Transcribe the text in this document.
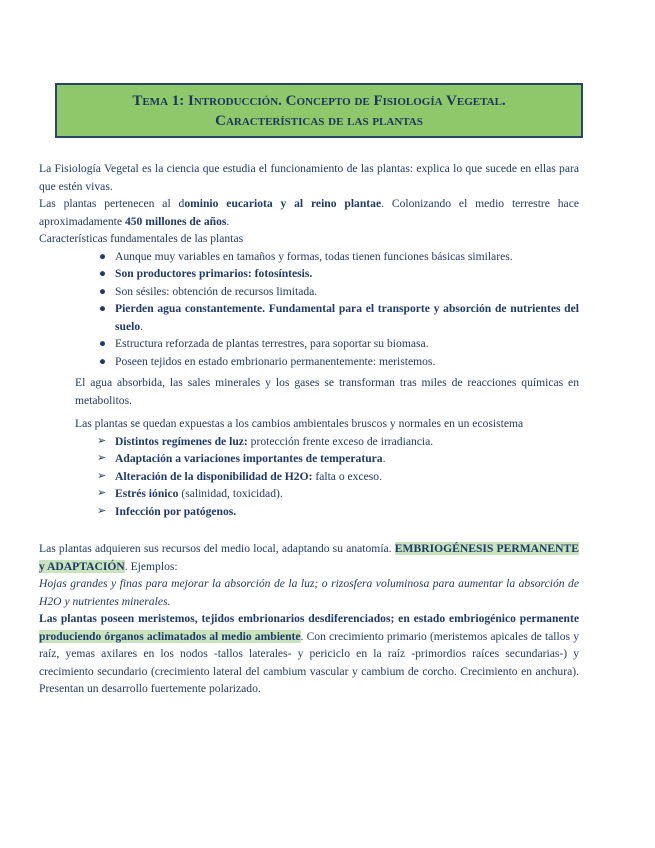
Tema 1: Introducción. Concepto de Fisiología Vegetal.
Características de las plantas

La Fisiología Vegetal es la ciencia que estudia el funcionamiento de las plantas: explica lo que sucede en ellas para que estén vivas.

Las plantas pertenecen al dominio eucariota y al reino plantae. Colonizando el medio terrestre hace aproximadamente 450 millones de años.

Características fundamentales de las plantas

● Aunque muy variables en tamaños y formas, todas tienen funciones básicas similares.
● Son productores primarios: fotosíntesis.
● Son sésiles: obtención de recursos limitada.
● Pierden agua constantemente. Fundamental para el transporte y absorción de nutrientes del suelo.
● Estructura reforzada de plantas terrestres, para soportar su biomasa.
● Poseen tejidos en estado embrionario permanentemente: meristemos.

El agua absorbida, las sales minerales y los gases se transforman tras miles de reacciones químicas en metabolitos.

Las plantas se quedan expuestas a los cambios ambientales bruscos y normales en un ecosistema

➢ Distintos regímenes de luz: protección frente exceso de irradiancia.
➢ Adaptación a variaciones importantes de temperatura.
➢ Alteración de la disponibilidad de H2O: falta o exceso.
➢ Estrés iónico (salinidad, toxicidad).
➢ Infección por patógenos.

Las plantas adquieren sus recursos del medio local, adaptando su anatomía. EMBRIOGÉNESIS PERMANENTE y ADAPTACIÓN. Ejemplos:

Hojas grandes y finas para mejorar la absorción de la luz; o rizosfera voluminosa para aumentar la absorción de H2O y nutrientes minerales.

Las plantas poseen meristemos, tejidos embrionarios desdiferenciados; en estado embriogénico permanente produciendo órganos aclimatados al medio ambiente. Con crecimiento primario (meristemos apicales de tallos y raíz, yemas axilares en los nodos -tallos laterales- y periciclo en la raíz -primordios raíces secundarias-) y crecimiento secundario (crecimiento lateral del cambium vascular y cambium de corcho. Crecimiento en anchura). Presentan un desarrollo fuertemente polarizado.
